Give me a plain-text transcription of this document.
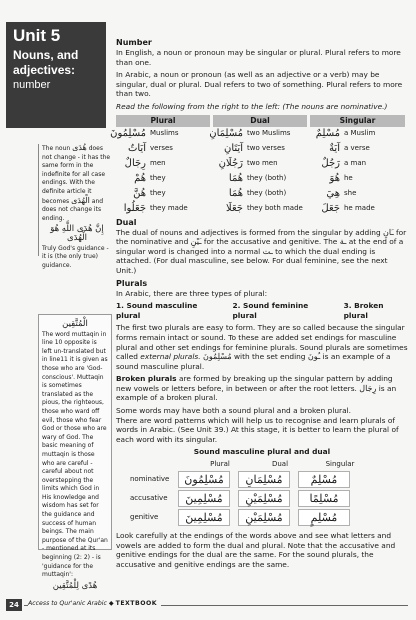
Unit 5
Nouns, and adjectives:
number
The noun هُدَى does not change - it has the same form in the indefinite for all case endings. With the definite article it becomes الْهُدَى and does not change its ending.
إِنَّ هُدَى اللَّهِ هُوَ الْهُدَى
Truly God's guidance - it is (the only true) guidance.
الْمُتَّقِين
The word muttaqin in line 10 opposite is left un-translated but in line11 it is given as those who are 'God-conscious'. Muttaqin is sometimes translated as the pious, the righteous, those who ward off evil, those who fear God or those who are wary of God. The basic meaning of muttaqin is those who are careful - careful about not overstepping the limits which God in His knowledge and wisdom has set for the guidance and success of human beings. The main purpose of the Qur'an - mentioned at its beginning (2: 2) - is 'guidance for the muttaqin':
هُدًى لِلْمُتَّقِين
Number

In English, a noun or pronoun may be singular or plural. Plural refers to more than one.

In Arabic, a noun or pronoun (as well as an adjective or a verb) may be singular, dual or plural. Dual refers to two of something. Plural refers to more than two.

Read the following from the right to the left: (The nouns are nominative.)

Plural	Dual	Singular
مُسْلِمُونَ Muslims	مُسْلِمَانِ two Muslims	مُسْلِمٌ a Muslim
آيَاتٌ verses	آيَتَانِ two verses	آيَةٌ a verse
رِجَالٌ men	رَجُلَانِ two men	رَجُلٌ a man
هُمْ they	هُمَا they (both)	هُوَ he
هُنَّ they	هُمَا they (both)	هِيَ she
جَعَلُوا they made	جَعَلَا they both made	جَعَلَ he made
Dual

The dual of nouns and adjectives is formed from the singular by adding ـَانِ for the nominative and ـَيْنِ for the accusative and genitive. The ـة at the end of a singular word is changed into a normal ـت to which the dual ending is attached. (For dual masculine, see below. For dual feminine, see the next Unit.)

Plurals

In Arabic, there are three types of plural:

1. Sound masculine plural
2. Sound feminine plural
3. Broken plural

The first two plurals are easy to form. They are so called because the singular forms remain intact or sound. To these are added set endings for masculine plural and other set endings for feminine plurals. Sound plurals are sometimes called external plurals. مُسْلِمُونَ with the set ending ـُونَ is an example of a sound masculine plural.

Broken plurals are formed by breaking up the singular pattern by adding new vowels or letters before, in between or after the root letters. رِجَال is an example of a broken plural.

Some words may have both a sound plural and a broken plural.

There are word patterns which will help us to recognise and learn plurals of words in Arabic. (See Unit 39.) At this stage, it is better to learn the plural of each word with its singular.

Sound masculine plural and dual
Plural	Dual	Singular
nominative	مُسْلِمُونَ	مُسْلِمَانِ	مُسْلِمٌ
accusative	مُسْلِمِينَ	مُسْلِمَيْنِ	مُسْلِمًا
genitive	مُسْلِمِينَ	مُسْلِمَيْنِ	مُسْلِمٍ

Look carefully at the endings of the words above and see what letters and vowels are added to form the dual and plural. Note that the accusative and genitive endings for the dual are the same. For the sound plurals, the accusative and genitive endings are the same.

24	Access to Qur'anic Arabic ◆ TEXTBOOK
